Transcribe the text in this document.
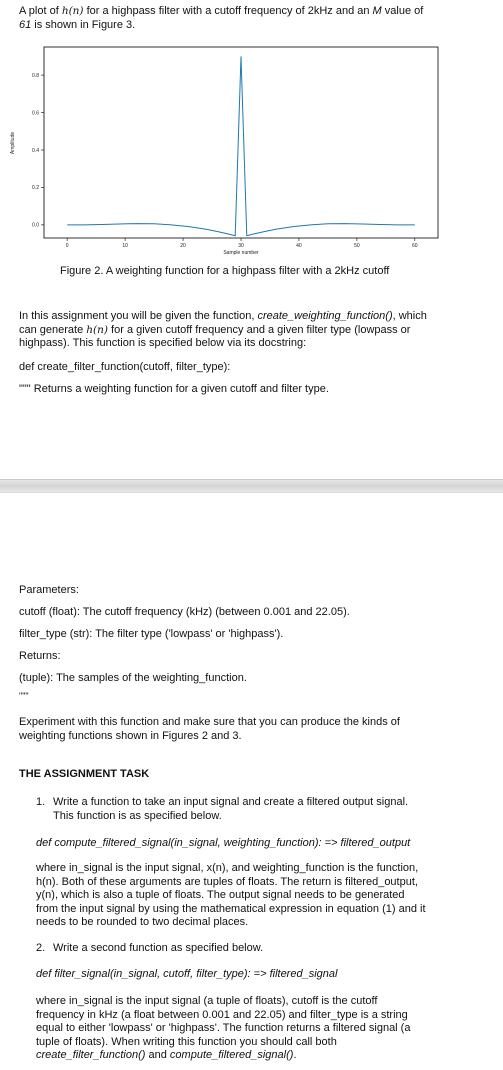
A plot of h(n) for a highpass filter with a cutoff frequency of 2kHz and an M value of
61 is shown in Figure 3.
0	10	20	30	40	50	60
0.0
0.2
0.4
0.6
0.8
Sample number
Amplitude
Figure 2. A weighting function for a highpass filter with a 2kHz cutoff
In this assignment you will be given the function, create_weighting_function(), which
can generate h(n) for a given cutoff frequency and a given filter type (lowpass or
highpass). This function is specified below via its docstring:
def create_filter_function(cutoff, filter_type):
""" Returns a weighting function for a given cutoff and filter type.
Parameters:
cutoff (float): The cutoff frequency (kHz) (between 0.001 and 22.05).
filter_type (str): The filter type ('lowpass' or 'highpass').
Returns:
(tuple): The samples of the weighting_function.
"""
Experiment with this function and make sure that you can produce the kinds of
weighting functions shown in Figures 2 and 3.
THE ASSIGNMENT TASK
1. Write a function to take an input signal and create a filtered output signal.
This function is as specified below.
def compute_filtered_signal(in_signal, weighting_function): => filtered_output
where in_signal is the input signal, x(n), and weighting_function is the function,
h(n). Both of these arguments are tuples of floats. The return is filtered_output,
y(n), which is also a tuple of floats. The output signal needs to be generated
from the input signal by using the mathematical expression in equation (1) and it
needs to be rounded to two decimal places.
2. Write a second function as specified below.
def filter_signal(in_signal, cutoff, filter_type): => filtered_signal
where in_signal is the input signal (a tuple of floats), cutoff is the cutoff
frequency in kHz (a float between 0.001 and 22.05) and filter_type is a string
equal to either 'lowpass' or 'highpass'. The function returns a filtered signal (a
tuple of floats). When writing this function you should call both
create_filter_function() and compute_filtered_signal().
